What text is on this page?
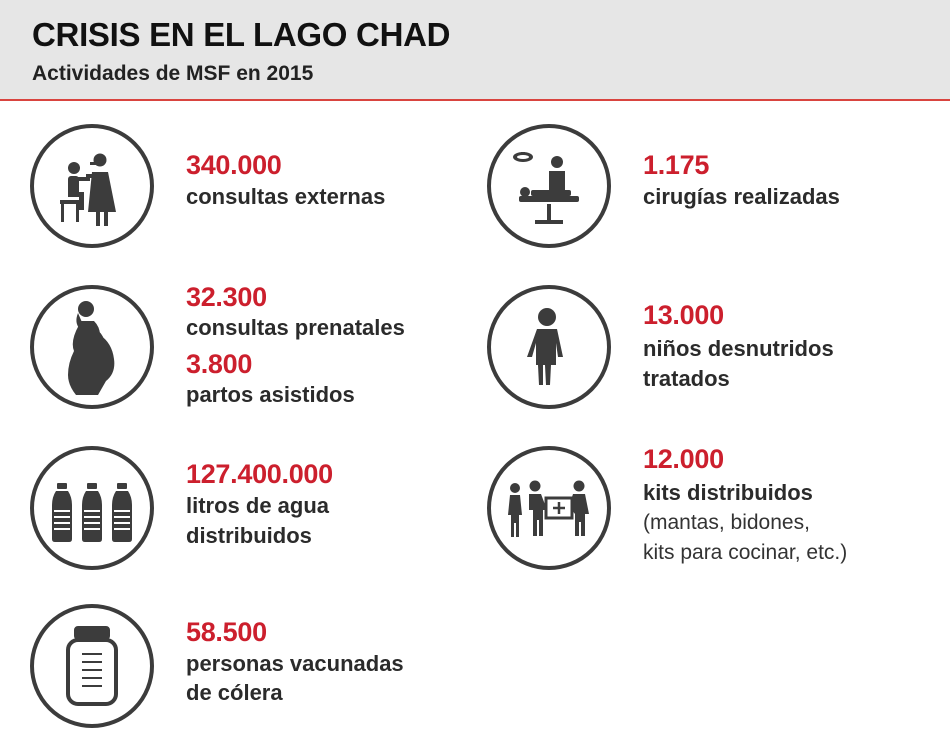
CRISIS EN EL LAGO CHAD
Actividades de MSF en 2015
340.000
consultas externas
32.300
consultas prenatales
3.800
partos asistidos
127.400.000
litros de agua
distribuidos
58.500
personas vacunadas
de cólera
1.175
cirugías realizadas
13.000
niños desnutridos
tratados
12.000
kits distribuidos
(mantas, bidones,
kits para cocinar, etc.)
